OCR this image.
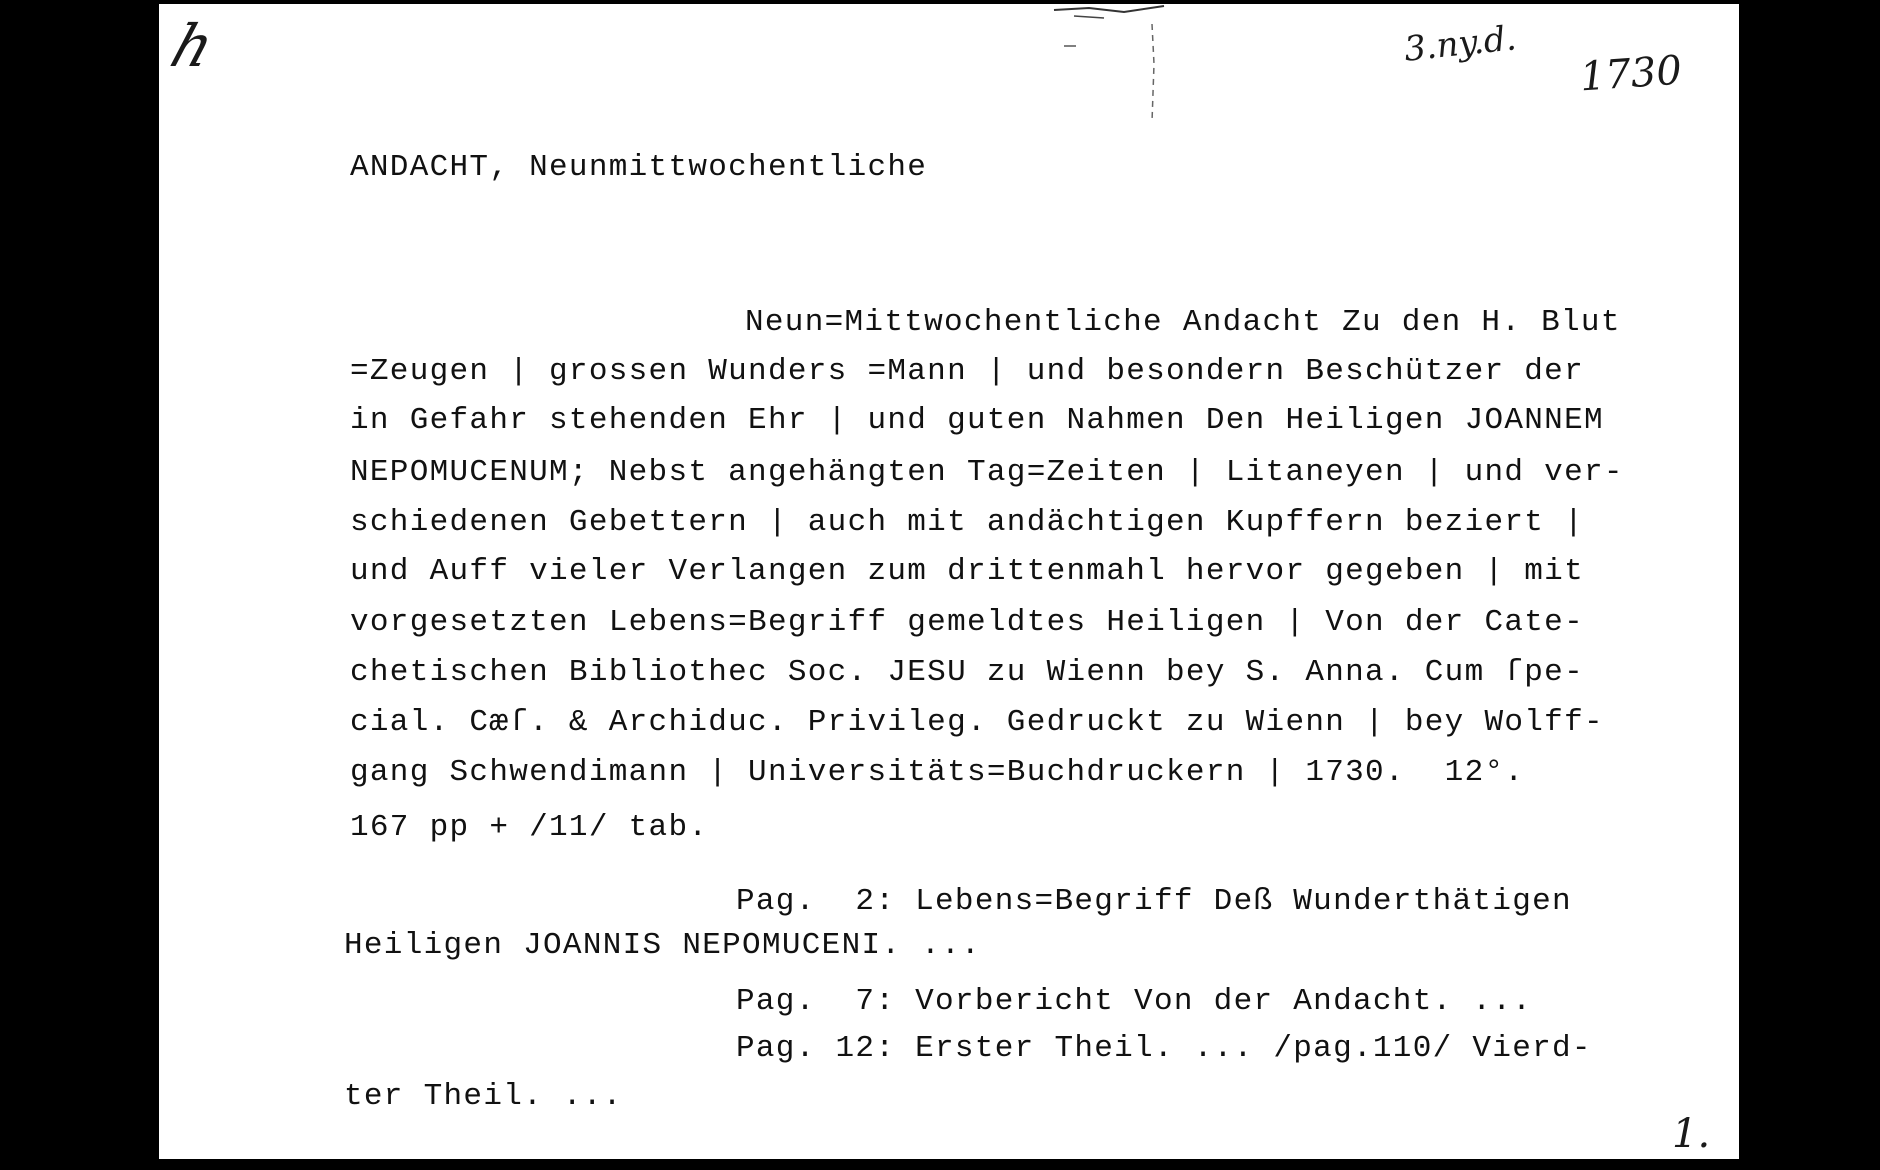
h	3.ny.d.
1730
ANDACHT, Neunmittwochentliche
Neun=Mittwochentliche Andacht Zu den H. Blut
=Zeugen | grossen Wunders =Mann | und besondern Beschützer der
in Gefahr stehenden Ehr | und guten Nahmen Den Heiligen JOANNEM
NEPOMUCENUM; Nebst angehängten Tag=Zeiten | Litaneyen | und ver-
schiedenen Gebettern | auch mit andächtigen Kupffern beziert |
und Auff vieler Verlangen zum drittenmahl hervor gegeben | mit
vorgesetzten Lebens=Begriff gemeldtes Heiligen | Von der Cate-
chetischen Bibliothec Soc. JESU zu Wienn bey S. Anna. Cum ſpe-
cial. Cæſ. & Archiduc. Privileg. Gedruckt zu Wienn | bey Wolff-
gang Schwendimann | Universitäts=Buchdruckern | 1730.  12°.
167 pp + /11/ tab.
Pag.  2: Lebens=Begriff Deß Wunderthätigen
Heiligen JOANNIS NEPOMUCENI. ...
Pag.  7: Vorbericht Von der Andacht. ...
Pag. 12: Erster Theil. ... /pag.110/ Vierd-
ter Theil. ...
1.
